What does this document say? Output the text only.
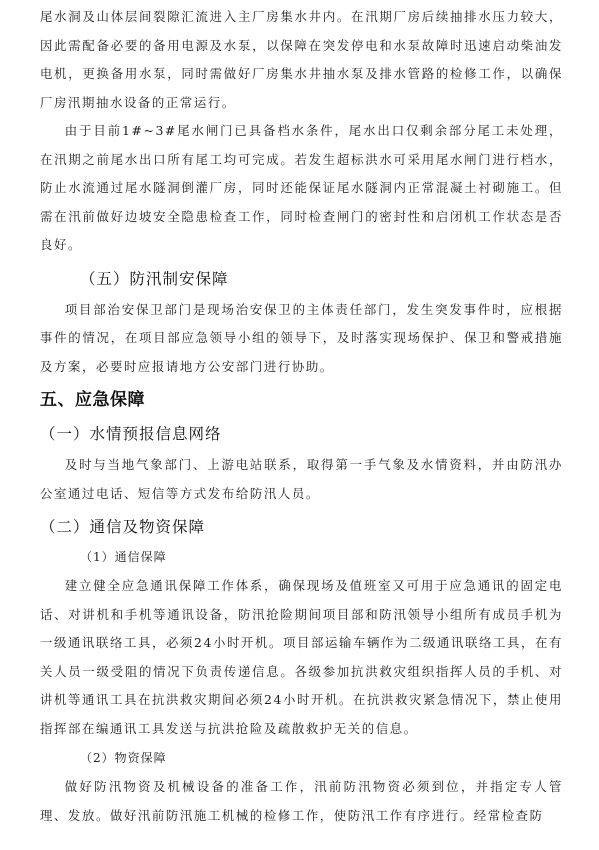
尾水洞及山体层间裂隙汇流进入主厂房集水井内。在汛期厂房后续抽排水压力较大，因此需配备必要的备用电源及水泵，以保障在突发停电和水泵故障时迅速启动柴油发电机，更换备用水泵，同时需做好厂房集水井抽水泵及排水管路的检修工作，以确保厂房汛期抽水设备的正常运行。

由于目前1#~3#尾水闸门已具备档水条件，尾水出口仅剩余部分尾工未处理，在汛期之前尾水出口所有尾工均可完成。若发生超标洪水可采用尾水闸门进行档水，防止水流通过尾水隧洞倒灌厂房，同时还能保证尾水隧洞内正常混凝土衬砌施工。但需在汛前做好边坡安全隐患检查工作，同时检查闸门的密封性和启闭机工作状态是否良好。

（五）防汛制安保障

项目部治安保卫部门是现场治安保卫的主体责任部门，发生突发事件时，应根据事件的情况，在项目部应急领导小组的领导下，及时落实现场保护、保卫和警戒措施及方案，必要时应报请地方公安部门进行协助。

五、应急保障
（一）水情预报信息网络

及时与当地气象部门、上游电站联系，取得第一手气象及水情资料，并由防汛办公室通过电话、短信等方式发布给防汛人员。

（二）通信及物资保障
（1）通信保障

建立健全应急通讯保障工作体系，确保现场及值班室又可用于应急通讯的固定电话、对讲机和手机等通讯设备，防汛抢险期间项目部和防汛领导小组所有成员手机为一级通讯联络工具，必须24小时开机。项目部运输车辆作为二级通讯联络工具，在有关人员一级受阻的情况下负责传递信息。各级参加抗洪救灾组织指挥人员的手机、对讲机等通讯工具在抗洪救灾期间必须24小时开机。在抗洪救灾紧急情况下，禁止使用指挥部在编通讯工具发送与抗洪抢险及疏散救护无关的信息。

（2）物资保障

做好防汛物资及机械设备的准备工作，汛前防汛物资必须到位，并指定专人管理、发放。做好汛前防汛施工机械的检修工作，使防汛工作有序进行。经常检查防
